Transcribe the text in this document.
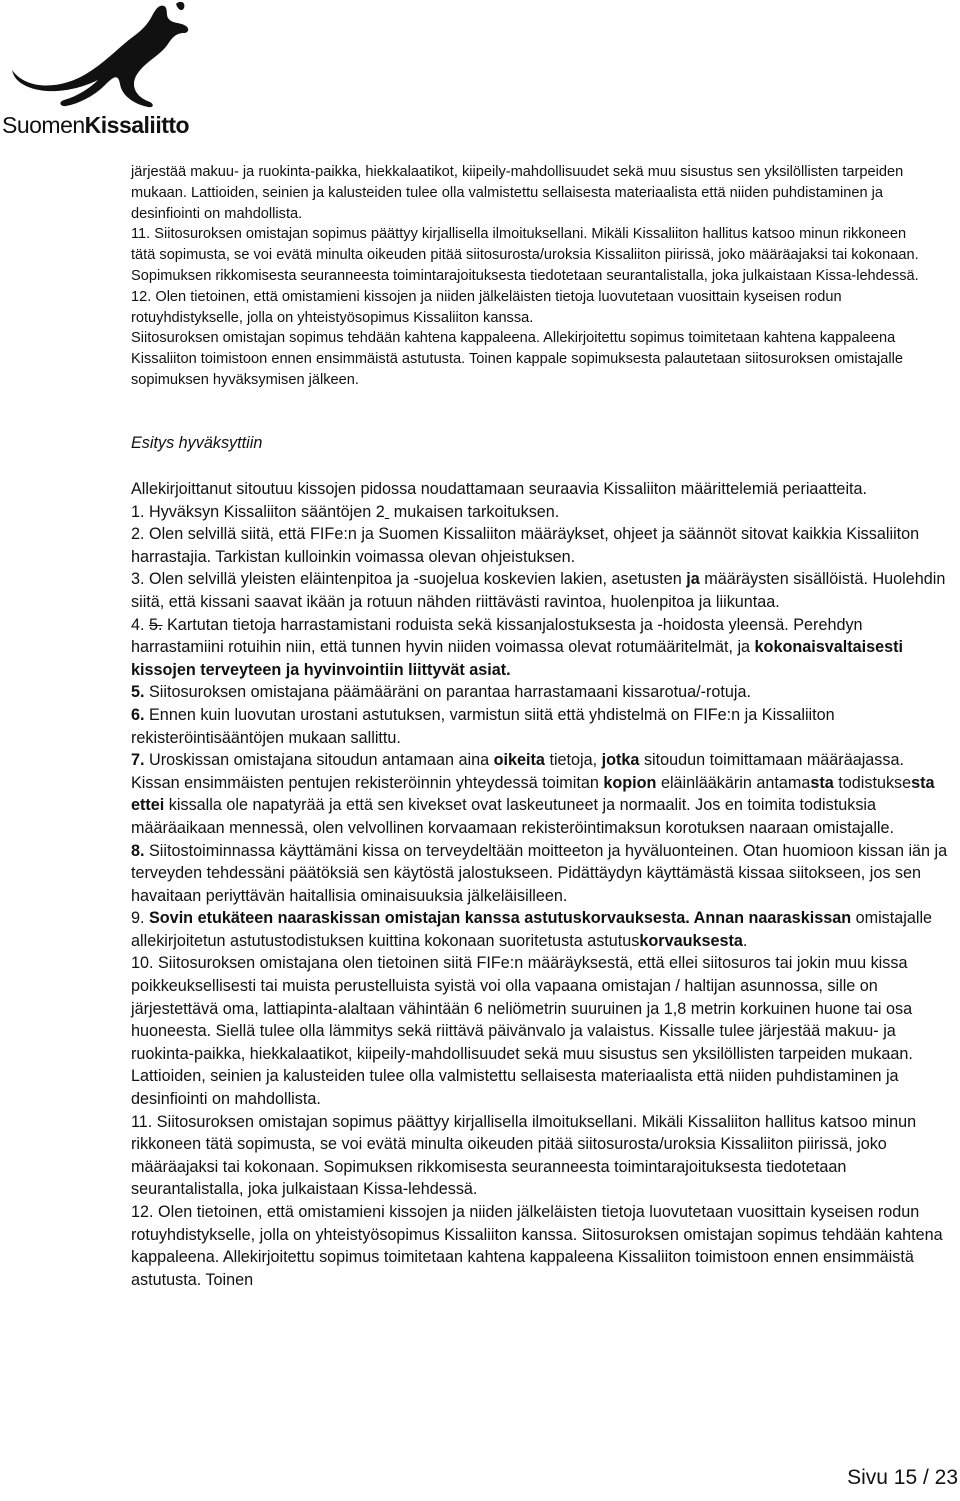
SuomenKissaliitto

järjestää makuu- ja ruokinta-paikka, hiekkalaatikot, kiipeily-mahdollisuudet sekä muu sisustus sen yksilöllisten tarpeiden mukaan. Lattioiden, seinien ja kalusteiden tulee olla valmistettu sellaisesta materiaalista että niiden puhdistaminen ja desinfiointi on mahdollista.

11. Siitosuroksen omistajan sopimus päättyy kirjallisella ilmoituksellani. Mikäli Kissaliiton hallitus katsoo minun rikkoneen tätä sopimusta, se voi evätä minulta oikeuden pitää siitosurosta/uroksia Kissaliiton piirissä, joko määräajaksi tai kokonaan. Sopimuksen rikkomisesta seuranneesta toimintarajoituksesta tiedotetaan seurantalistalla, joka julkaistaan Kissa-lehdessä.

12. Olen tietoinen, että omistamieni kissojen ja niiden jälkeläisten tietoja luovutetaan vuosittain kyseisen rodun rotuyhdistykselle, jolla on yhteistyösopimus Kissaliiton kanssa.

Siitosuroksen omistajan sopimus tehdään kahtena kappaleena. Allekirjoitettu sopimus toimitetaan kahtena kappaleena Kissaliiton toimistoon ennen ensimmäistä astutusta. Toinen kappale sopimuksesta palautetaan siitosuroksen omistajalle sopimuksen hyväksymisen jälkeen.

Esitys hyväksyttiin

Allekirjoittanut sitoutuu kissojen pidossa noudattamaan seuraavia Kissaliiton määrittelemiä periaatteita.

1. Hyväksyn Kissaliiton sääntöjen 2  mukaisen tarkoituksen.

2. Olen selvillä siitä, että FIFe:n ja Suomen Kissaliiton määräykset, ohjeet ja säännöt sitovat kaikkia Kissaliiton harrastajia. Tarkistan kulloinkin voimassa olevan ohjeistuksen.

3. Olen selvillä yleisten eläintenpitoa ja -suojelua koskevien lakien, asetusten ja määräysten sisällöistä. Huolehdin siitä, että kissani saavat ikään ja rotuun nähden riittävästi ravintoa, huolenpitoa ja liikuntaa.

4. 5. Kartutan tietoja harrastamistani roduista sekä kissanjalostuksesta ja -hoidosta yleensä. Perehdyn harrastamiini rotuihin niin, että tunnen hyvin niiden voimassa olevat rotumääritelmät, ja kokonaisvaltaisesti kissojen terveyteen ja hyvinvointiin liittyvät asiat.

5. Siitosuroksen omistajana päämääräni on parantaa harrastamaani kissarotua/-rotuja.

6. Ennen kuin luovutan urostani astutuksen, varmistun siitä että yhdistelmä on FIFe:n ja Kissaliiton rekisteröintisääntöjen mukaan sallittu.

7. Uroskissan omistajana sitoudun antamaan aina oikeita tietoja, jotka sitoudun toimittamaan määräajassa. Kissan ensimmäisten pentujen rekisteröinnin yhteydessä toimitan kopion eläinlääkärin antamasta todistuksesta ettei kissalla ole napatyrää ja että sen kivekset ovat laskeutuneet ja normaalit. Jos en toimita todistuksia määräaikaan mennessä, olen velvollinen korvaamaan rekisteröintimaksun korotuksen naaraan omistajalle.

8. Siitostoiminnassa käyttämäni kissa on terveydeltään moitteeton ja hyväluonteinen. Otan huomioon kissan iän ja terveyden tehdessäni päätöksiä sen käytöstä jalostukseen. Pidättäydyn käyttämästä kissaa siitokseen, jos sen havaitaan periyttävän haitallisia ominaisuuksia jälkeläisilleen.

9. Sovin etukäteen naaraskissan omistajan kanssa astutuskorvauksesta. Annan naaraskissan omistajalle allekirjoitetun astutustodistuksen kuittina kokonaan suoritetusta astutuskorvauksesta.

10. Siitosuroksen omistajana olen tietoinen siitä FIFe:n määräyksestä, että ellei siitosuros tai jokin muu kissa poikkeuksellisesti tai muista perustelluista syistä voi olla vapaana omistajan / haltijan asunnossa, sille on järjestettävä oma, lattiapinta-alaltaan vähintään 6 neliömetrin suuruinen ja 1,8 metrin korkuinen huone tai osa huoneesta. Siellä tulee olla lämmitys sekä riittävä päivänvalo ja valaistus. Kissalle tulee järjestää makuu- ja ruokinta-paikka, hiekkalaatikot, kiipeily-mahdollisuudet sekä muu sisustus sen yksilöllisten tarpeiden mukaan. Lattioiden, seinien ja kalusteiden tulee olla valmistettu sellaisesta materiaalista että niiden puhdistaminen ja desinfiointi on mahdollista.

11. Siitosuroksen omistajan sopimus päättyy kirjallisella ilmoituksellani. Mikäli Kissaliiton hallitus katsoo minun rikkoneen tätä sopimusta, se voi evätä minulta oikeuden pitää siitosurosta/uroksia Kissaliiton piirissä, joko määräajaksi tai kokonaan. Sopimuksen rikkomisesta seuranneesta toimintarajoituksesta tiedotetaan seurantalistalla, joka julkaistaan Kissa-lehdessä.

12. Olen tietoinen, että omistamieni kissojen ja niiden jälkeläisten tietoja luovutetaan vuosittain kyseisen rodun rotuyhdistykselle, jolla on yhteistyösopimus Kissaliiton kanssa. Siitosuroksen omistajan sopimus tehdään kahtena kappaleena. Allekirjoitettu sopimus toimitetaan kahtena kappaleena Kissaliiton toimistoon ennen ensimmäistä astutusta. Toinen

Sivu 15 / 23
